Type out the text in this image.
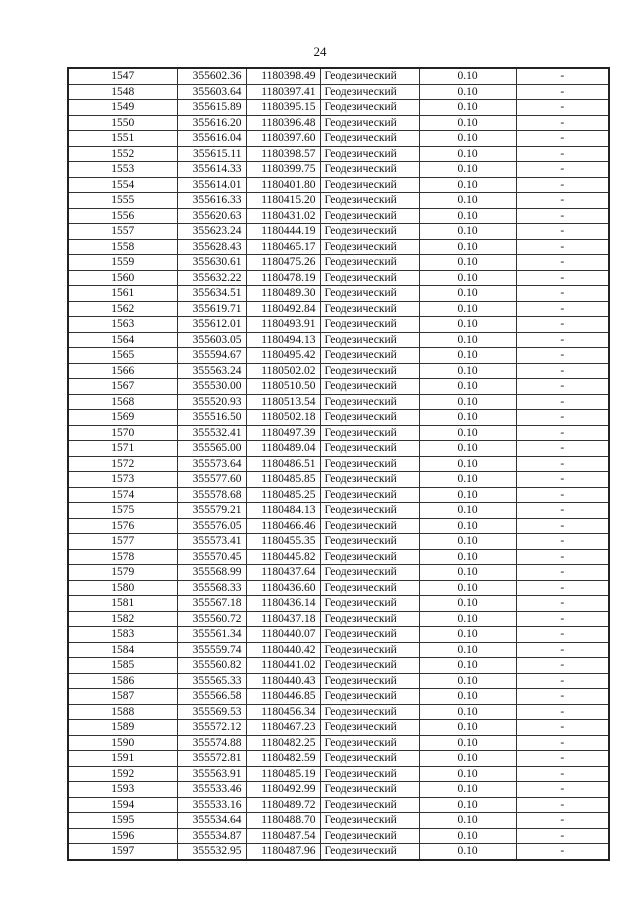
24
1547	355602.36	1180398.49	Геодезический	0.10	-
1548	355603.64	1180397.41	Геодезический	0.10	-
1549	355615.89	1180395.15	Геодезический	0.10	-
1550	355616.20	1180396.48	Геодезический	0.10	-
1551	355616.04	1180397.60	Геодезический	0.10	-
1552	355615.11	1180398.57	Геодезический	0.10	-
1553	355614.33	1180399.75	Геодезический	0.10	-
1554	355614.01	1180401.80	Геодезический	0.10	-
1555	355616.33	1180415.20	Геодезический	0.10	-
1556	355620.63	1180431.02	Геодезический	0.10	-
1557	355623.24	1180444.19	Геодезический	0.10	-
1558	355628.43	1180465.17	Геодезический	0.10	-
1559	355630.61	1180475.26	Геодезический	0.10	-
1560	355632.22	1180478.19	Геодезический	0.10	-
1561	355634.51	1180489.30	Геодезический	0.10	-
1562	355619.71	1180492.84	Геодезический	0.10	-
1563	355612.01	1180493.91	Геодезический	0.10	-
1564	355603.05	1180494.13	Геодезический	0.10	-
1565	355594.67	1180495.42	Геодезический	0.10	-
1566	355563.24	1180502.02	Геодезический	0.10	-
1567	355530.00	1180510.50	Геодезический	0.10	-
1568	355520.93	1180513.54	Геодезический	0.10	-
1569	355516.50	1180502.18	Геодезический	0.10	-
1570	355532.41	1180497.39	Геодезический	0.10	-
1571	355565.00	1180489.04	Геодезический	0.10	-
1572	355573.64	1180486.51	Геодезический	0.10	-
1573	355577.60	1180485.85	Геодезический	0.10	-
1574	355578.68	1180485.25	Геодезический	0.10	-
1575	355579.21	1180484.13	Геодезический	0.10	-
1576	355576.05	1180466.46	Геодезический	0.10	-
1577	355573.41	1180455.35	Геодезический	0.10	-
1578	355570.45	1180445.82	Геодезический	0.10	-
1579	355568.99	1180437.64	Геодезический	0.10	-
1580	355568.33	1180436.60	Геодезический	0.10	-
1581	355567.18	1180436.14	Геодезический	0.10	-
1582	355560.72	1180437.18	Геодезический	0.10	-
1583	355561.34	1180440.07	Геодезический	0.10	-
1584	355559.74	1180440.42	Геодезический	0.10	-
1585	355560.82	1180441.02	Геодезический	0.10	-
1586	355565.33	1180440.43	Геодезический	0.10	-
1587	355566.58	1180446.85	Геодезический	0.10	-
1588	355569.53	1180456.34	Геодезический	0.10	-
1589	355572.12	1180467.23	Геодезический	0.10	-
1590	355574.88	1180482.25	Геодезический	0.10	-
1591	355572.81	1180482.59	Геодезический	0.10	-
1592	355563.91	1180485.19	Геодезический	0.10	-
1593	355533.46	1180492.99	Геодезический	0.10	-
1594	355533.16	1180489.72	Геодезический	0.10	-
1595	355534.64	1180488.70	Геодезический	0.10	-
1596	355534.87	1180487.54	Геодезический	0.10	-
1597	355532.95	1180487.96	Геодезический	0.10	-
